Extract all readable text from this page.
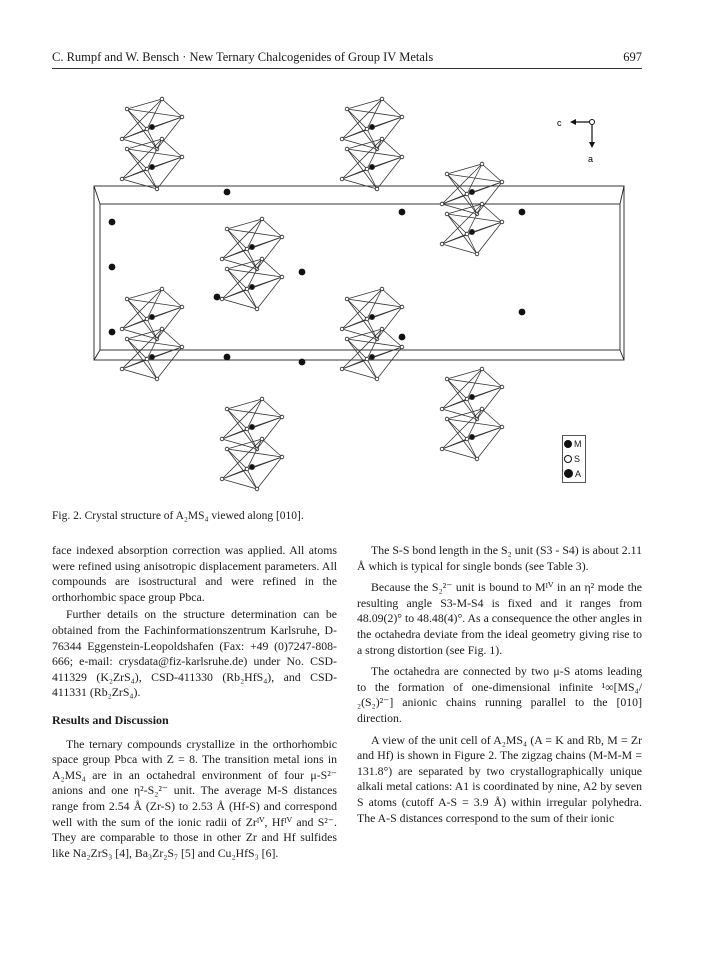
C. Rumpf and W. Bensch · New Ternary Chalcogenides of Group IV Metals	697
c
a
M
S
A
Fig. 2. Crystal structure of A₂MS₄ viewed along [010].

face indexed absorption correction was applied. All atoms were refined using anisotropic displacement parameters. All compounds are isostructural and were refined in the orthorhombic space group Pbca.

Further details on the structure determination can be obtained from the Fachinformationszentrum Karlsruhe, D-76344 Eggenstein-Leopoldshafen (Fax: +49 (0)7247-808-666; e-mail: crysdata@fiz-karlsruhe.de) under No. CSD-411329 (K₂ZrS₄), CSD-411330 (Rb₂HfS₄), and CSD-411331 (Rb₂ZrS₄).

Results and Discussion

The ternary compounds crystallize in the orthorhombic space group Pbca with Z = 8. The transition metal ions in A₂MS₄ are in an octahedral environment of four μ-S²⁻ anions and one η²-S₂²⁻ unit. The average M-S distances range from 2.54 Å (Zr-S) to 2.53 Å (Hf-S) and correspond well with the sum of the ionic radii of Zrᴵⱽ, Hfᴵⱽ and S²⁻. They are comparable to those in other Zr and Hf sulfides like Na₂ZrS₃ [4], Ba₃Zr₂S₇ [5] and Cu₂HfS₃ [6].

The S-S bond length in the S₂ unit (S3 - S4) is about 2.11 Å which is typical for single bonds (see Table 3).

Because the S₂²⁻ unit is bound to Mᴵⱽ in an η² mode the resulting angle S3-M-S4 is fixed and it ranges from 48.09(2)° to 48.48(4)°. As a consequence the other angles in the octahedra deviate from the ideal geometry giving rise to a strong distortion (see Fig. 1).

The octahedra are connected by two μ-S atoms leading to the formation of one-dimensional infinite ¹∞[MS₄/₂(S₂)²⁻] anionic chains running parallel to the [010] direction.

A view of the unit cell of A₂MS₄ (A = K and Rb, M = Zr and Hf) is shown in Figure 2. The zigzag chains (M-M-M = 131.8°) are separated by two crystallographically unique alkali metal cations: A1 is coordinated by nine, A2 by seven S atoms (cutoff A-S = 3.9 Å) within irregular polyhedra. The A-S distances correspond to the sum of their ionic
